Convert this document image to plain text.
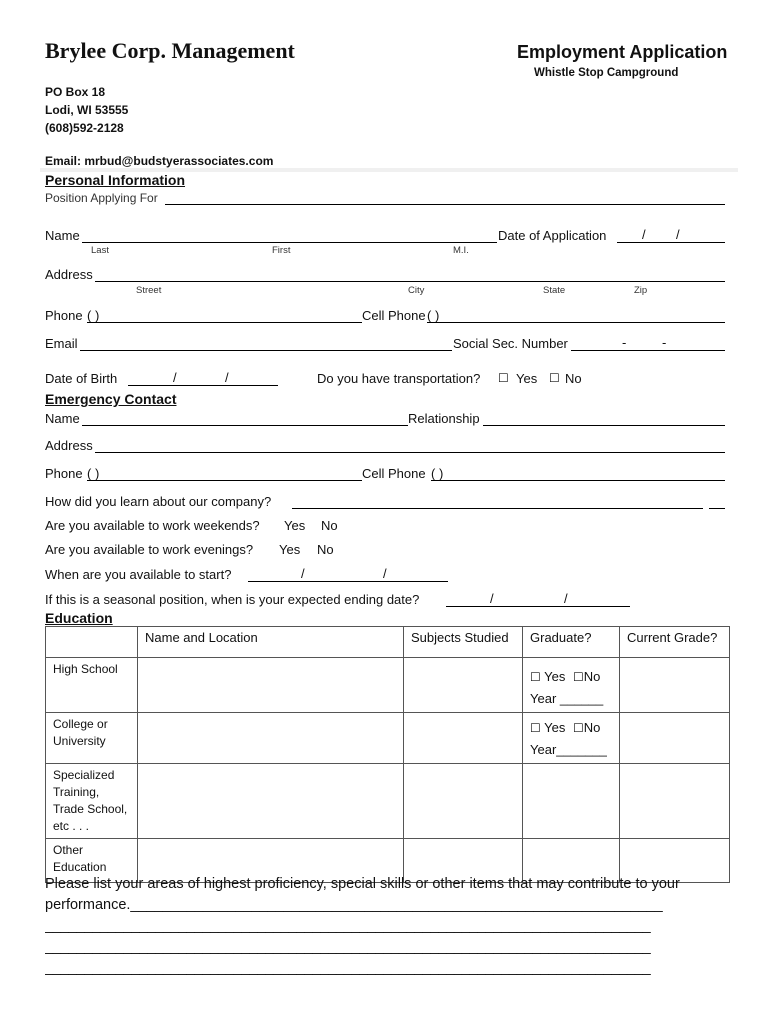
Brylee Corp. Management	Employment Application
Whistle Stop Campground
PO Box 18
Lodi, WI 53555
(608)592-2128
Email: mrbud@budstyerassociates.com
Personal Information
Position Applying For
Name	Date of Application	/ /
Last	First	M.I.
Address
Street	City	State	Zip
Phone ( )	Cell Phone ( )
Email	Social Sec. Number	-	-
Date of Birth	/	/	Do you have transportation? ☐ Yes ☐ No
Emergency Contact
Name	Relationship
Address
Phone ( )	Cell Phone ( )
How did you learn about our company?
Are you available to work weekends? Yes No
Are you available to work evenings? Yes No
When are you available to start?	/	/
If this is a seasonal position, when is your expected ending date?	/	/
Education
	Name and Location	Subjects Studied	Graduate?	Current Grade?
High School			☐ Yes ☐No
Year ______	
College or University			☐ Yes ☐No
Year_______	
Specialized Training, Trade School, etc . . .				
Other Education				
Please list your areas of highest proficiency, special skills or other items that may contribute to your
performance.__________________________________________________________________
_____________________________________________________________________________
_____________________________________________________________________________
_____________________________________________________________________________
